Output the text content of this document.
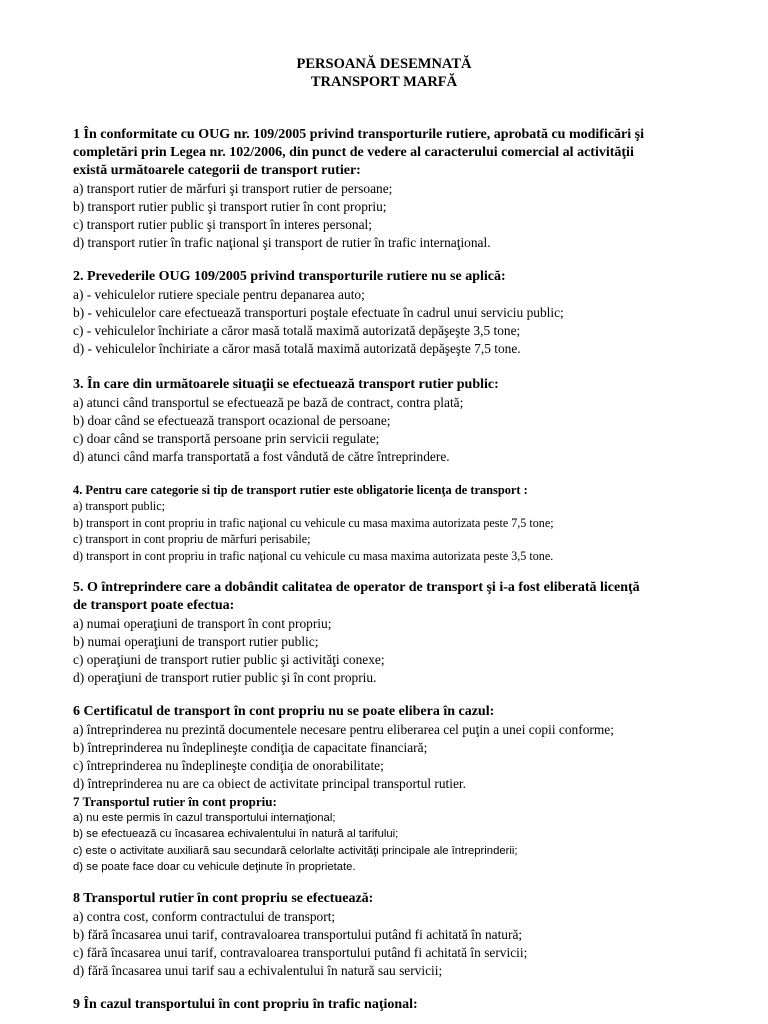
PERSOANĂ DESEMNATĂ
TRANSPORT MARFĂ
1 În conformitate cu OUG nr. 109/2005 privind transporturile rutiere, aprobată cu modificări şi
completări prin Legea nr. 102/2006, din punct de vedere al caracterului comercial al activităţii
există următoarele categorii de transport rutier:
a) transport rutier de mărfuri şi transport rutier de persoane;
b) transport rutier public şi transport rutier în cont propriu;
c) transport rutier public şi transport în interes personal;
d) transport rutier în trafic naţional şi transport de rutier în trafic internaţional.
2. Prevederile OUG 109/2005 privind transporturile rutiere nu se aplică:
a) - vehiculelor rutiere speciale pentru depanarea auto;
b) - vehiculelor care efectuează transporturi poştale efectuate în cadrul unui serviciu public;
c) - vehiculelor închiriate a căror masă totală maximă autorizată depăşeşte 3,5 tone;
d) - vehiculelor închiriate a căror masă totală maximă autorizată depăşeşte 7,5 tone.
3. În care din următoarele situaţii se efectuează transport rutier public:
a) atunci când transportul se efectuează pe bază de contract, contra plată;
b) doar când se efectuează transport ocazional de persoane;
c) doar când se transportă persoane prin servicii regulate;
d) atunci când marfa transportată a fost vândută de către întreprindere.
4. Pentru care categorie si tip de transport rutier este obligatorie licenţa de transport :
a) transport public;
b) transport in cont propriu in trafic naţional cu vehicule cu masa maxima autorizata peste 7,5 tone;
c) transport in cont propriu de mărfuri perisabile;
d) transport in cont propriu in trafic naţional cu vehicule cu masa maxima autorizata peste 3,5 tone.
5. O întreprindere care a dobândit calitatea de operator de transport şi i-a fost eliberată licenţă
de transport poate efectua:
a) numai operaţiuni de transport în cont propriu;
b) numai operaţiuni de transport rutier public;
c) operaţiuni de transport rutier public şi activităţi conexe;
d) operaţiuni de transport rutier public şi în cont propriu.
6 Certificatul de transport în cont propriu nu se poate elibera în cazul:
a) întreprinderea nu prezintă documentele necesare pentru eliberarea cel puţin a unei copii conforme;
b) întreprinderea nu îndeplineşte condiţia de capacitate financiară;
c) întreprinderea nu îndeplineşte condiţia de onorabilitate;
d) întreprinderea nu are ca obiect de activitate principal transportul rutier.
7 Transportul rutier în cont propriu:
a) nu este permis în cazul transportului internaţional;
b) se efectuează cu încasarea echivalentului în natură al tarifului;
c) este o activitate auxiliară sau secundară celorlalte activităţi principale ale întreprinderii;
d) se poate face doar cu vehicule deţinute în proprietate.
8 Transportul rutier în cont propriu se efectuează:
a) contra cost, conform contractului de transport;
b) fără încasarea unui tarif, contravaloarea transportului putând fi achitată în natură;
c) fără încasarea unui tarif, contravaloarea transportului putând fi achitată în servicii;
d) fără încasarea unui tarif sau a echivalentului în natură sau servicii;
9 În cazul transportului în cont propriu în trafic naţional:
